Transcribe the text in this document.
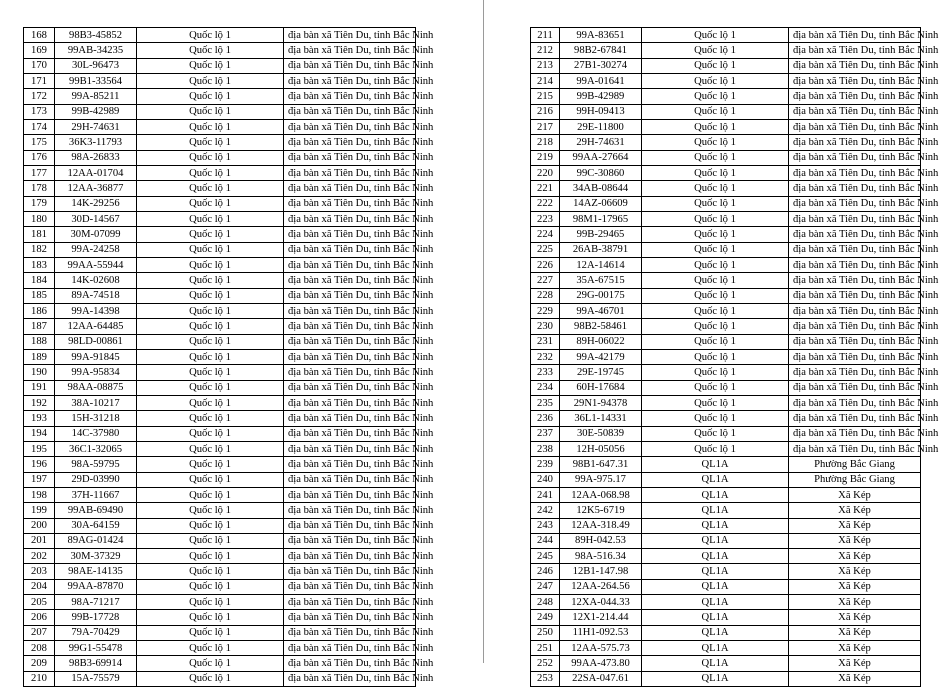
168	98B3-45852	Quốc lộ 1	địa bàn xã Tiên Du, tỉnh Bắc Ninh
169	99AB-34235	Quốc lộ 1	địa bàn xã Tiên Du, tỉnh Bắc Ninh
170	30L-96473	Quốc lộ 1	địa bàn xã Tiên Du, tỉnh Bắc Ninh
171	99B1-33564	Quốc lộ 1	địa bàn xã Tiên Du, tỉnh Bắc Ninh
172	99A-85211	Quốc lộ 1	địa bàn xã Tiên Du, tỉnh Bắc Ninh
173	99B-42989	Quốc lộ 1	địa bàn xã Tiên Du, tỉnh Bắc Ninh
174	29H-74631	Quốc lộ 1	địa bàn xã Tiên Du, tỉnh Bắc Ninh
175	36K3-11793	Quốc lộ 1	địa bàn xã Tiên Du, tỉnh Bắc Ninh
176	98A-26833	Quốc lộ 1	địa bàn xã Tiên Du, tỉnh Bắc Ninh
177	12AA-01704	Quốc lộ 1	địa bàn xã Tiên Du, tỉnh Bắc Ninh
178	12AA-36877	Quốc lộ 1	địa bàn xã Tiên Du, tỉnh Bắc Ninh
179	14K-29256	Quốc lộ 1	địa bàn xã Tiên Du, tỉnh Bắc Ninh
180	30D-14567	Quốc lộ 1	địa bàn xã Tiên Du, tỉnh Bắc Ninh
181	30M-07099	Quốc lộ 1	địa bàn xã Tiên Du, tỉnh Bắc Ninh
182	99A-24258	Quốc lộ 1	địa bàn xã Tiên Du, tỉnh Bắc Ninh
183	99AA-55944	Quốc lộ 1	địa bàn xã Tiên Du, tỉnh Bắc Ninh
184	14K-02608	Quốc lộ 1	địa bàn xã Tiên Du, tỉnh Bắc Ninh
185	89A-74518	Quốc lộ 1	địa bàn xã Tiên Du, tỉnh Bắc Ninh
186	99A-14398	Quốc lộ 1	địa bàn xã Tiên Du, tỉnh Bắc Ninh
187	12AA-64485	Quốc lộ 1	địa bàn xã Tiên Du, tỉnh Bắc Ninh
188	98LD-00861	Quốc lộ 1	địa bàn xã Tiên Du, tỉnh Bắc Ninh
189	99A-91845	Quốc lộ 1	địa bàn xã Tiên Du, tỉnh Bắc Ninh
190	99A-95834	Quốc lộ 1	địa bàn xã Tiên Du, tỉnh Bắc Ninh
191	98AA-08875	Quốc lộ 1	địa bàn xã Tiên Du, tỉnh Bắc Ninh
192	38A-10217	Quốc lộ 1	địa bàn xã Tiên Du, tỉnh Bắc Ninh
193	15H-31218	Quốc lộ 1	địa bàn xã Tiên Du, tỉnh Bắc Ninh
194	14C-37980	Quốc lộ 1	địa bàn xã Tiên Du, tỉnh Bắc Ninh
195	36C1-32065	Quốc lộ 1	địa bàn xã Tiên Du, tỉnh Bắc Ninh
196	98A-59795	Quốc lộ 1	địa bàn xã Tiên Du, tỉnh Bắc Ninh
197	29D-03990	Quốc lộ 1	địa bàn xã Tiên Du, tỉnh Bắc Ninh
198	37H-11667	Quốc lộ 1	địa bàn xã Tiên Du, tỉnh Bắc Ninh
199	99AB-69490	Quốc lộ 1	địa bàn xã Tiên Du, tỉnh Bắc Ninh
200	30A-64159	Quốc lộ 1	địa bàn xã Tiên Du, tỉnh Bắc Ninh
201	89AG-01424	Quốc lộ 1	địa bàn xã Tiên Du, tỉnh Bắc Ninh
202	30M-37329	Quốc lộ 1	địa bàn xã Tiên Du, tỉnh Bắc Ninh
203	98AE-14135	Quốc lộ 1	địa bàn xã Tiên Du, tỉnh Bắc Ninh
204	99AA-87870	Quốc lộ 1	địa bàn xã Tiên Du, tỉnh Bắc Ninh
205	98A-71217	Quốc lộ 1	địa bàn xã Tiên Du, tỉnh Bắc Ninh
206	99B-17728	Quốc lộ 1	địa bàn xã Tiên Du, tỉnh Bắc Ninh
207	79A-70429	Quốc lộ 1	địa bàn xã Tiên Du, tỉnh Bắc Ninh
208	99G1-55478	Quốc lộ 1	địa bàn xã Tiên Du, tỉnh Bắc Ninh
209	98B3-69914	Quốc lộ 1	địa bàn xã Tiên Du, tỉnh Bắc Ninh
210	15A-75579	Quốc lộ 1	địa bàn xã Tiên Du, tỉnh Bắc Ninh
211	99A-83651	Quốc lộ 1	địa bàn xã Tiên Du, tỉnh Bắc Ninh
212	98B2-67841	Quốc lộ 1	địa bàn xã Tiên Du, tỉnh Bắc Ninh
213	27B1-30274	Quốc lộ 1	địa bàn xã Tiên Du, tỉnh Bắc Ninh
214	99A-01641	Quốc lộ 1	địa bàn xã Tiên Du, tỉnh Bắc Ninh
215	99B-42989	Quốc lộ 1	địa bàn xã Tiên Du, tỉnh Bắc Ninh
216	99H-09413	Quốc lộ 1	địa bàn xã Tiên Du, tỉnh Bắc Ninh
217	29E-11800	Quốc lộ 1	địa bàn xã Tiên Du, tỉnh Bắc Ninh
218	29H-74631	Quốc lộ 1	địa bàn xã Tiên Du, tỉnh Bắc Ninh
219	99AA-27664	Quốc lộ 1	địa bàn xã Tiên Du, tỉnh Bắc Ninh
220	99C-30860	Quốc lộ 1	địa bàn xã Tiên Du, tỉnh Bắc Ninh
221	34AB-08644	Quốc lộ 1	địa bàn xã Tiên Du, tỉnh Bắc Ninh
222	14AZ-06609	Quốc lộ 1	địa bàn xã Tiên Du, tỉnh Bắc Ninh
223	98M1-17965	Quốc lộ 1	địa bàn xã Tiên Du, tỉnh Bắc Ninh
224	99B-29465	Quốc lộ 1	địa bàn xã Tiên Du, tỉnh Bắc Ninh
225	26AB-38791	Quốc lộ 1	địa bàn xã Tiên Du, tỉnh Bắc Ninh
226	12A-14614	Quốc lộ 1	địa bàn xã Tiên Du, tỉnh Bắc Ninh
227	35A-67515	Quốc lộ 1	địa bàn xã Tiên Du, tỉnh Bắc Ninh
228	29G-00175	Quốc lộ 1	địa bàn xã Tiên Du, tỉnh Bắc Ninh
229	99A-46701	Quốc lộ 1	địa bàn xã Tiên Du, tỉnh Bắc Ninh
230	98B2-58461	Quốc lộ 1	địa bàn xã Tiên Du, tỉnh Bắc Ninh
231	89H-06022	Quốc lộ 1	địa bàn xã Tiên Du, tỉnh Bắc Ninh
232	99A-42179	Quốc lộ 1	địa bàn xã Tiên Du, tỉnh Bắc Ninh
233	29E-19745	Quốc lộ 1	địa bàn xã Tiên Du, tỉnh Bắc Ninh
234	60H-17684	Quốc lộ 1	địa bàn xã Tiên Du, tỉnh Bắc Ninh
235	29N1-94378	Quốc lộ 1	địa bàn xã Tiên Du, tỉnh Bắc Ninh
236	36L1-14331	Quốc lộ 1	địa bàn xã Tiên Du, tỉnh Bắc Ninh
237	30E-50839	Quốc lộ 1	địa bàn xã Tiên Du, tỉnh Bắc Ninh
238	12H-05056	Quốc lộ 1	địa bàn xã Tiên Du, tỉnh Bắc Ninh
239	98B1-647.31	QL1A	Phường Bắc Giang
240	99A-975.17	QL1A	Phường Bắc Giang
241	12AA-068.98	QL1A	Xã Kép
242	12K5-6719	QL1A	Xã Kép
243	12AA-318.49	QL1A	Xã Kép
244	89H-042.53	QL1A	Xã Kép
245	98A-516.34	QL1A	Xã Kép
246	12B1-147.98	QL1A	Xã Kép
247	12AA-264.56	QL1A	Xã Kép
248	12XA-044.33	QL1A	Xã Kép
249	12X1-214.44	QL1A	Xã Kép
250	11H1-092.53	QL1A	Xã Kép
251	12AA-575.73	QL1A	Xã Kép
252	99AA-473.80	QL1A	Xã Kép
253	22SA-047.61	QL1A	Xã Kép
